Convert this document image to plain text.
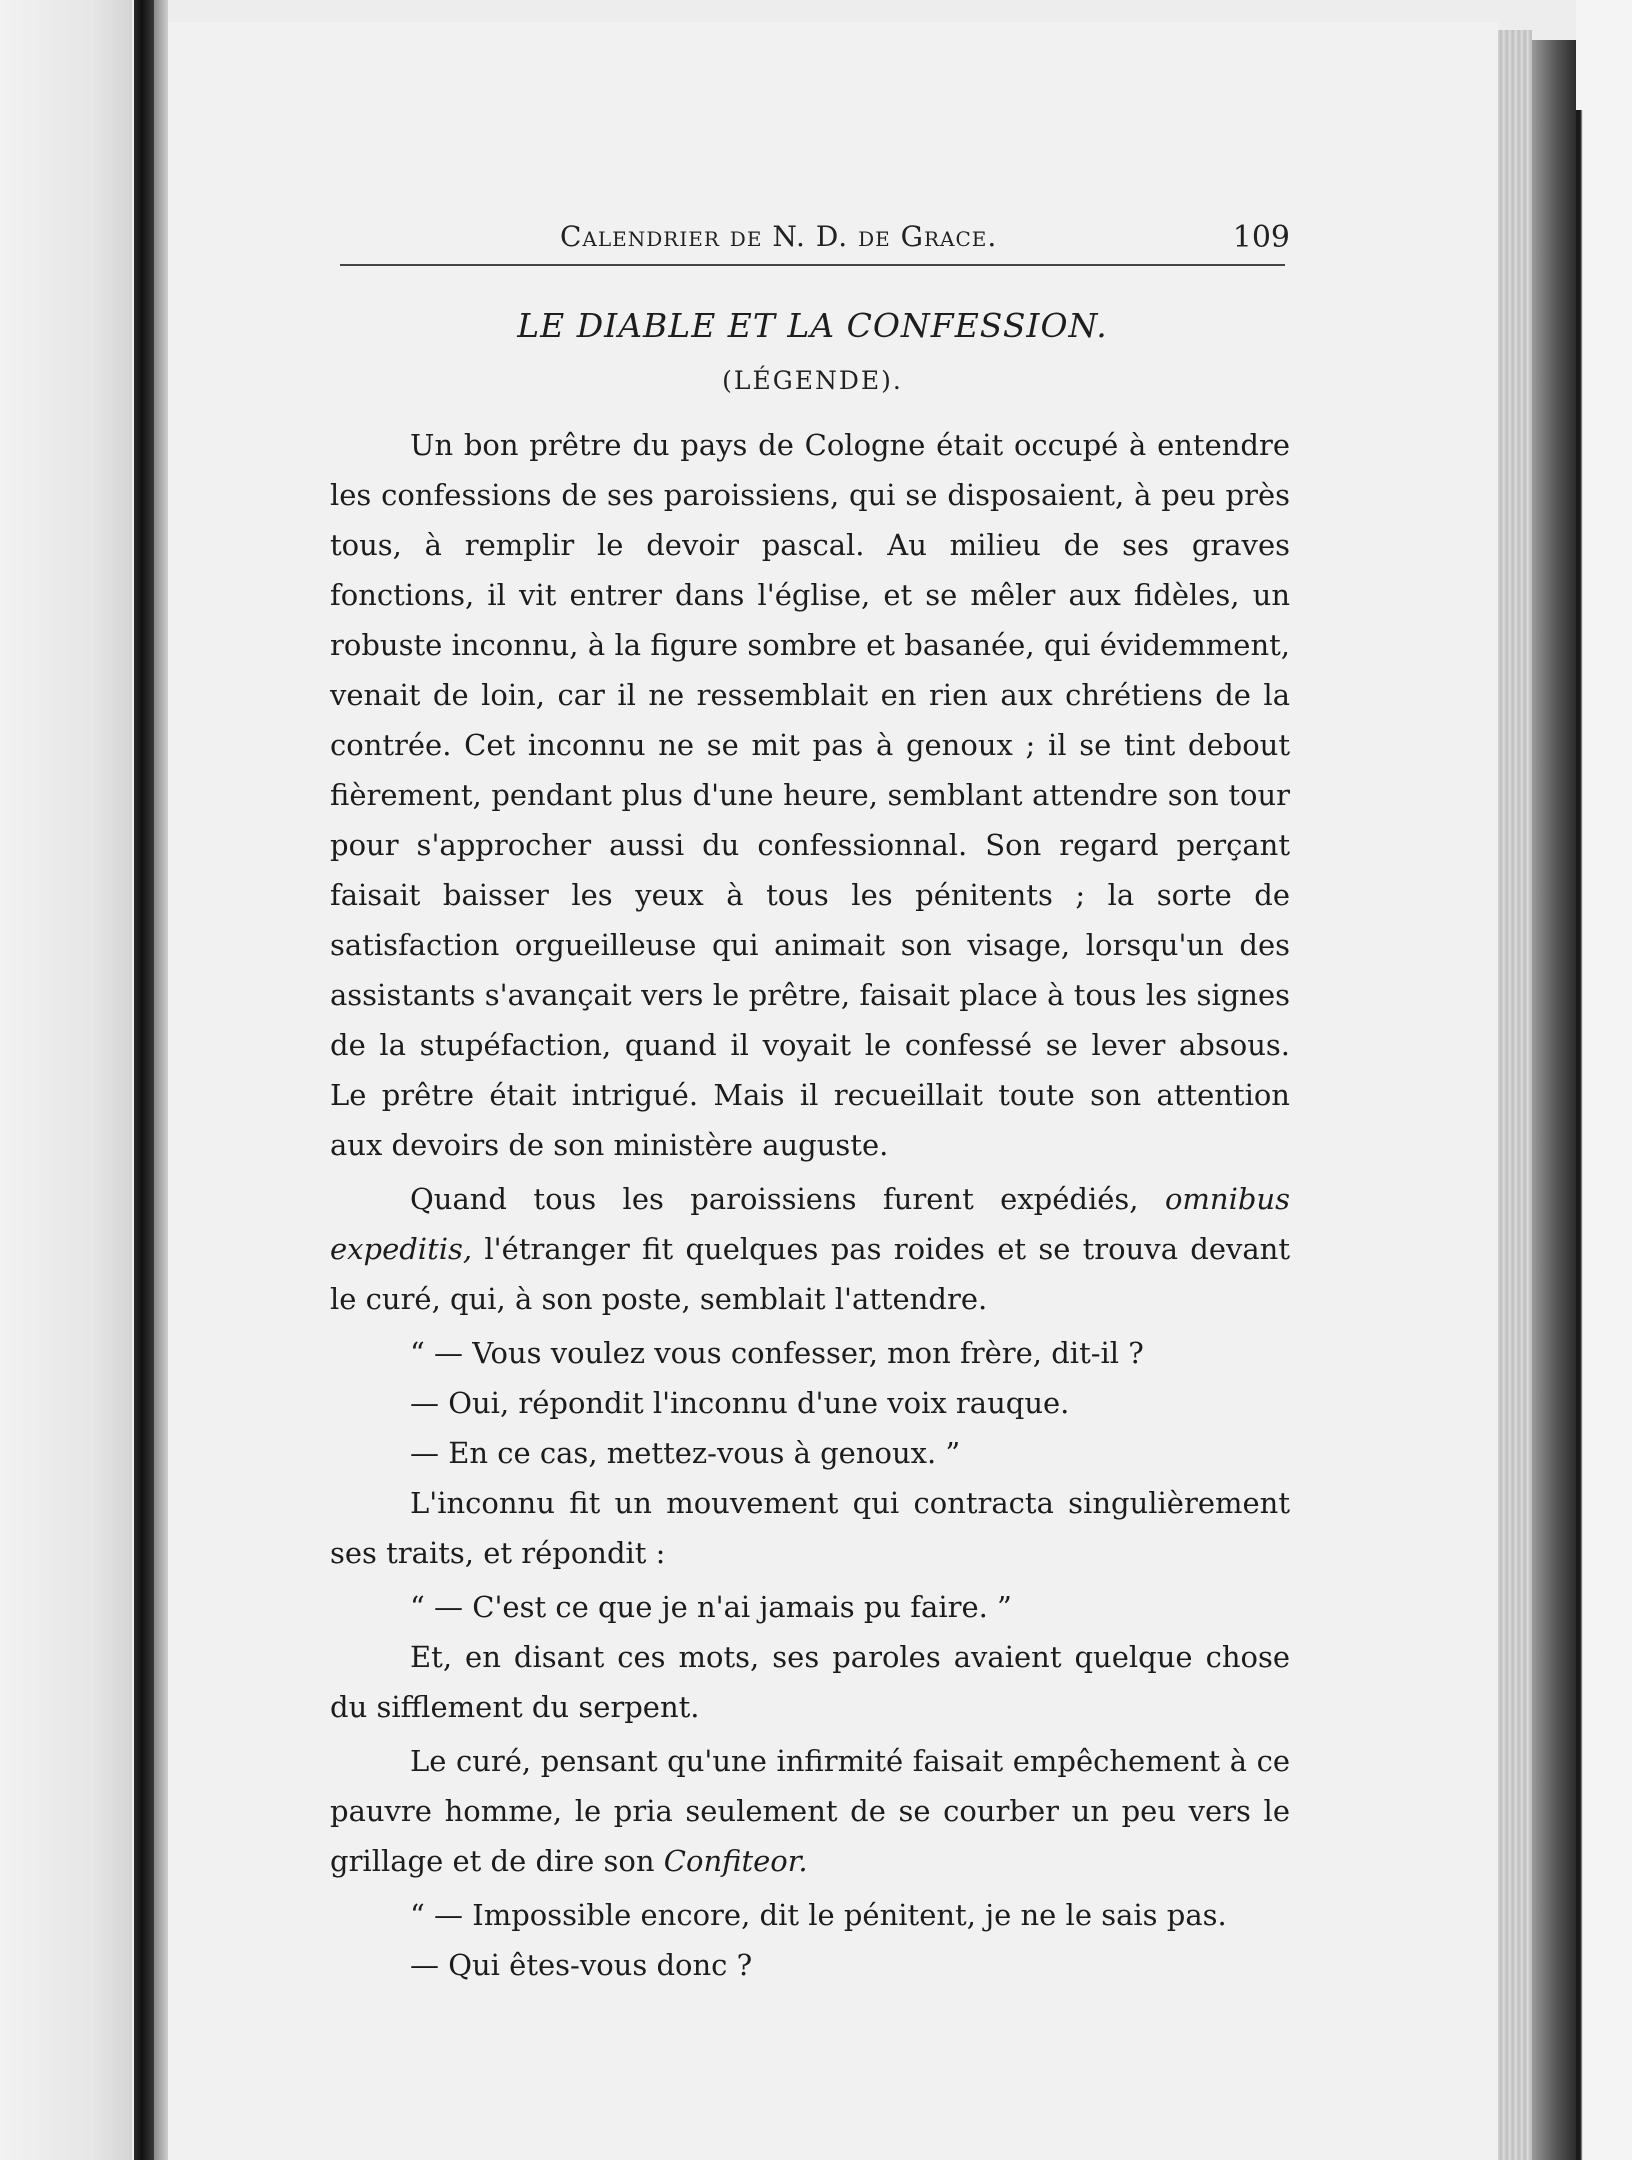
Calendrier de N. D. de Grace.	109
LE DIABLE ET LA CONFESSION.
(LÉGENDE).

Un bon prêtre du pays de Cologne était occupé à entendre les confessions de ses paroissiens, qui se disposaient, à peu près tous, à remplir le devoir pascal. Au milieu de ses graves fonctions, il vit entrer dans l'église, et se mêler aux fidèles, un robuste inconnu, à la figure sombre et basanée, qui évidemment, venait de loin, car il ne ressemblait en rien aux chrétiens de la contrée. Cet inconnu ne se mit pas à genoux ; il se tint debout fièrement, pendant plus d'une heure, semblant attendre son tour pour s'approcher aussi du confessionnal. Son regard perçant faisait baisser les yeux à tous les pénitents ; la sorte de satisfaction orgueilleuse qui animait son visage, lorsqu'un des assistants s'avançait vers le prêtre, faisait place à tous les signes de la stupéfaction, quand il voyait le confessé se lever absous. Le prêtre était intrigué. Mais il recueillait toute son attention aux devoirs de son ministère auguste.

Quand tous les paroissiens furent expédiés, omnibus expeditis, l'étranger fit quelques pas roides et se trouva devant le curé, qui, à son poste, semblait l'attendre.

“ — Vous voulez vous confesser, mon frère, dit-il ?

— Oui, répondit l'inconnu d'une voix rauque.

— En ce cas, mettez-vous à genoux. ”

L'inconnu fit un mouvement qui contracta singulièrement ses traits, et répondit :

“ — C'est ce que je n'ai jamais pu faire. ”

Et, en disant ces mots, ses paroles avaient quelque chose du sifflement du serpent.

Le curé, pensant qu'une infirmité faisait empêchement à ce pauvre homme, le pria seulement de se courber un peu vers le grillage et de dire son Confiteor.

“ — Impossible encore, dit le pénitent, je ne le sais pas.

— Qui êtes-vous donc ?
